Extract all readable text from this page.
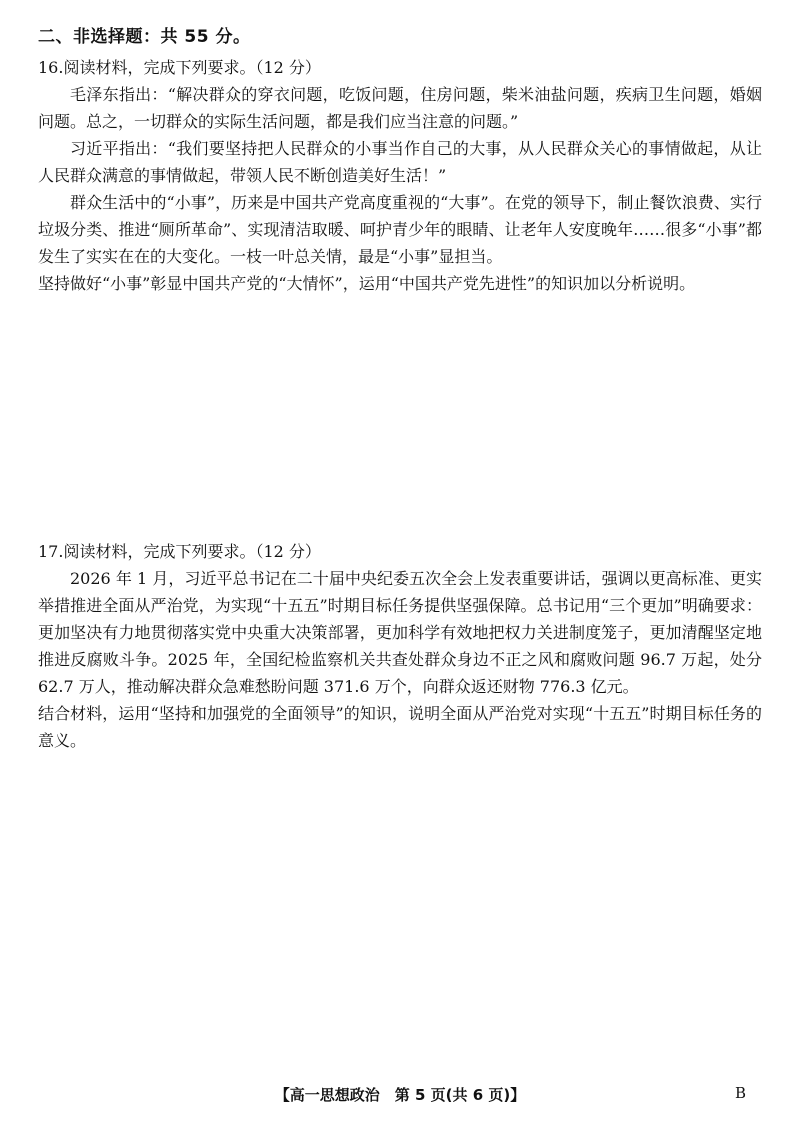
二、非选择题：共 55 分。

16.阅读材料，完成下列要求。（12 分）

毛泽东指出：“解决群众的穿衣问题，吃饭问题，住房问题，柴米油盐问题，疾病卫生问题，婚姻问题。总之，一切群众的实际生活问题，都是我们应当注意的问题。”

习近平指出：“我们要坚持把人民群众的小事当作自己的大事，从人民群众关心的事情做起，从让人民群众满意的事情做起，带领人民不断创造美好生活！”

群众生活中的“小事”，历来是中国共产党高度重视的“大事”。在党的领导下，制止餐饮浪费、实行垃圾分类、推进“厕所革命”、实现清洁取暖、呵护青少年的眼睛、让老年人安度晚年……很多“小事”都发生了实实在在的大变化。一枝一叶总关情，最是“小事”显担当。

坚持做好“小事”彰显中国共产党的“大情怀”，运用“中国共产党先进性”的知识加以分析说明。

17.阅读材料，完成下列要求。（12 分）

2026 年 1 月，习近平总书记在二十届中央纪委五次全会上发表重要讲话，强调以更高标准、更实举措推进全面从严治党，为实现“十五五”时期目标任务提供坚强保障。总书记用“三个更加”明确要求：更加坚决有力地贯彻落实党中央重大决策部署，更加科学有效地把权力关进制度笼子，更加清醒坚定地推进反腐败斗争。2025 年，全国纪检监察机关共查处群众身边不正之风和腐败问题 96.7 万起，处分 62.7 万人，推动解决群众急难愁盼问题 371.6 万个，向群众返还财物 776.3 亿元。

结合材料，运用“坚持和加强党的全面领导”的知识，说明全面从严治党对实现“十五五”时期目标任务的意义。

【高一思想政治　第 5 页(共 6 页)】	B
